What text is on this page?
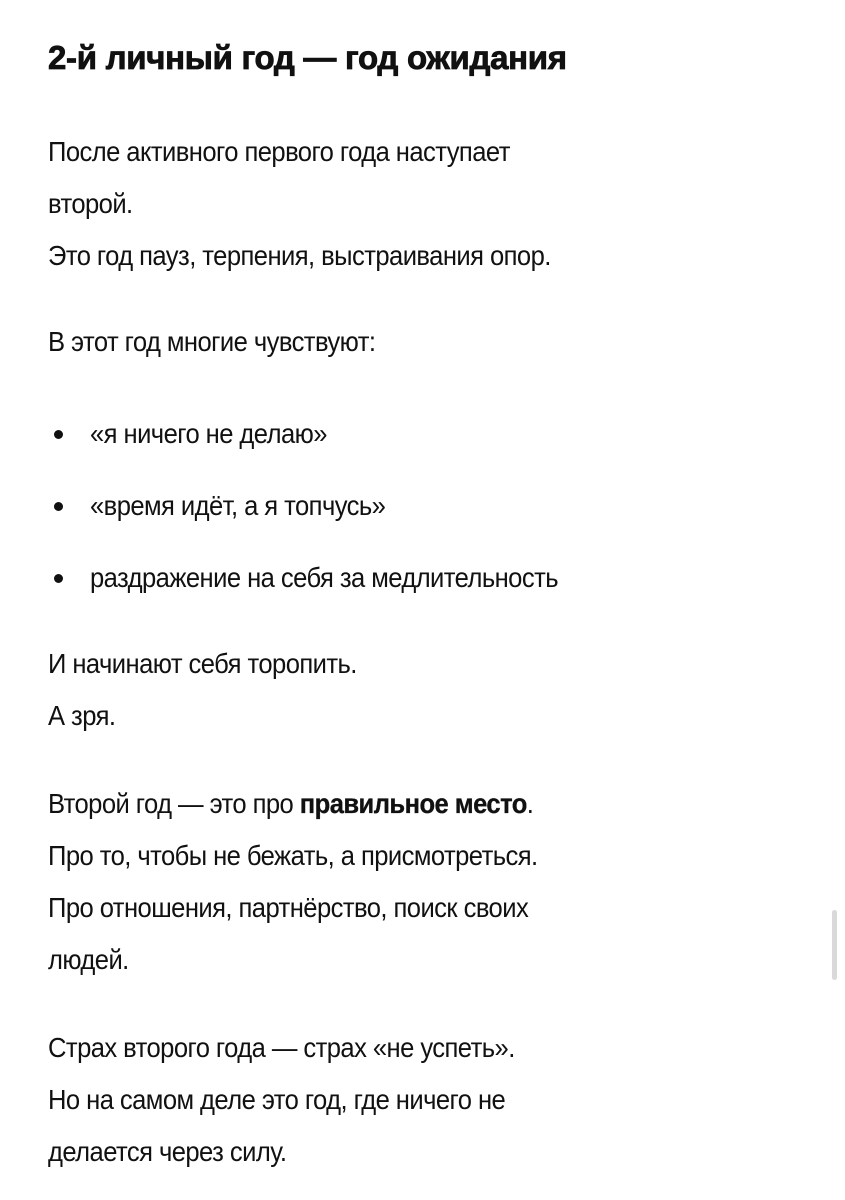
2-й личный год — год ожидания

После активного первого года наступает
второй.
Это год пауз, терпения, выстраивания опор.

В этот год многие чувствуют:

«я ничего не делаю»
«время идёт, а я топчусь»
раздражение на себя за медлительность

И начинают себя торопить.
А зря.

Второй год — это про правильное место.
Про то, чтобы не бежать, а присмотреться.
Про отношения, партнёрство, поиск своих
людей.

Страх второго года — страх «не успеть».
Но на самом деле это год, где ничего не
делается через силу.
